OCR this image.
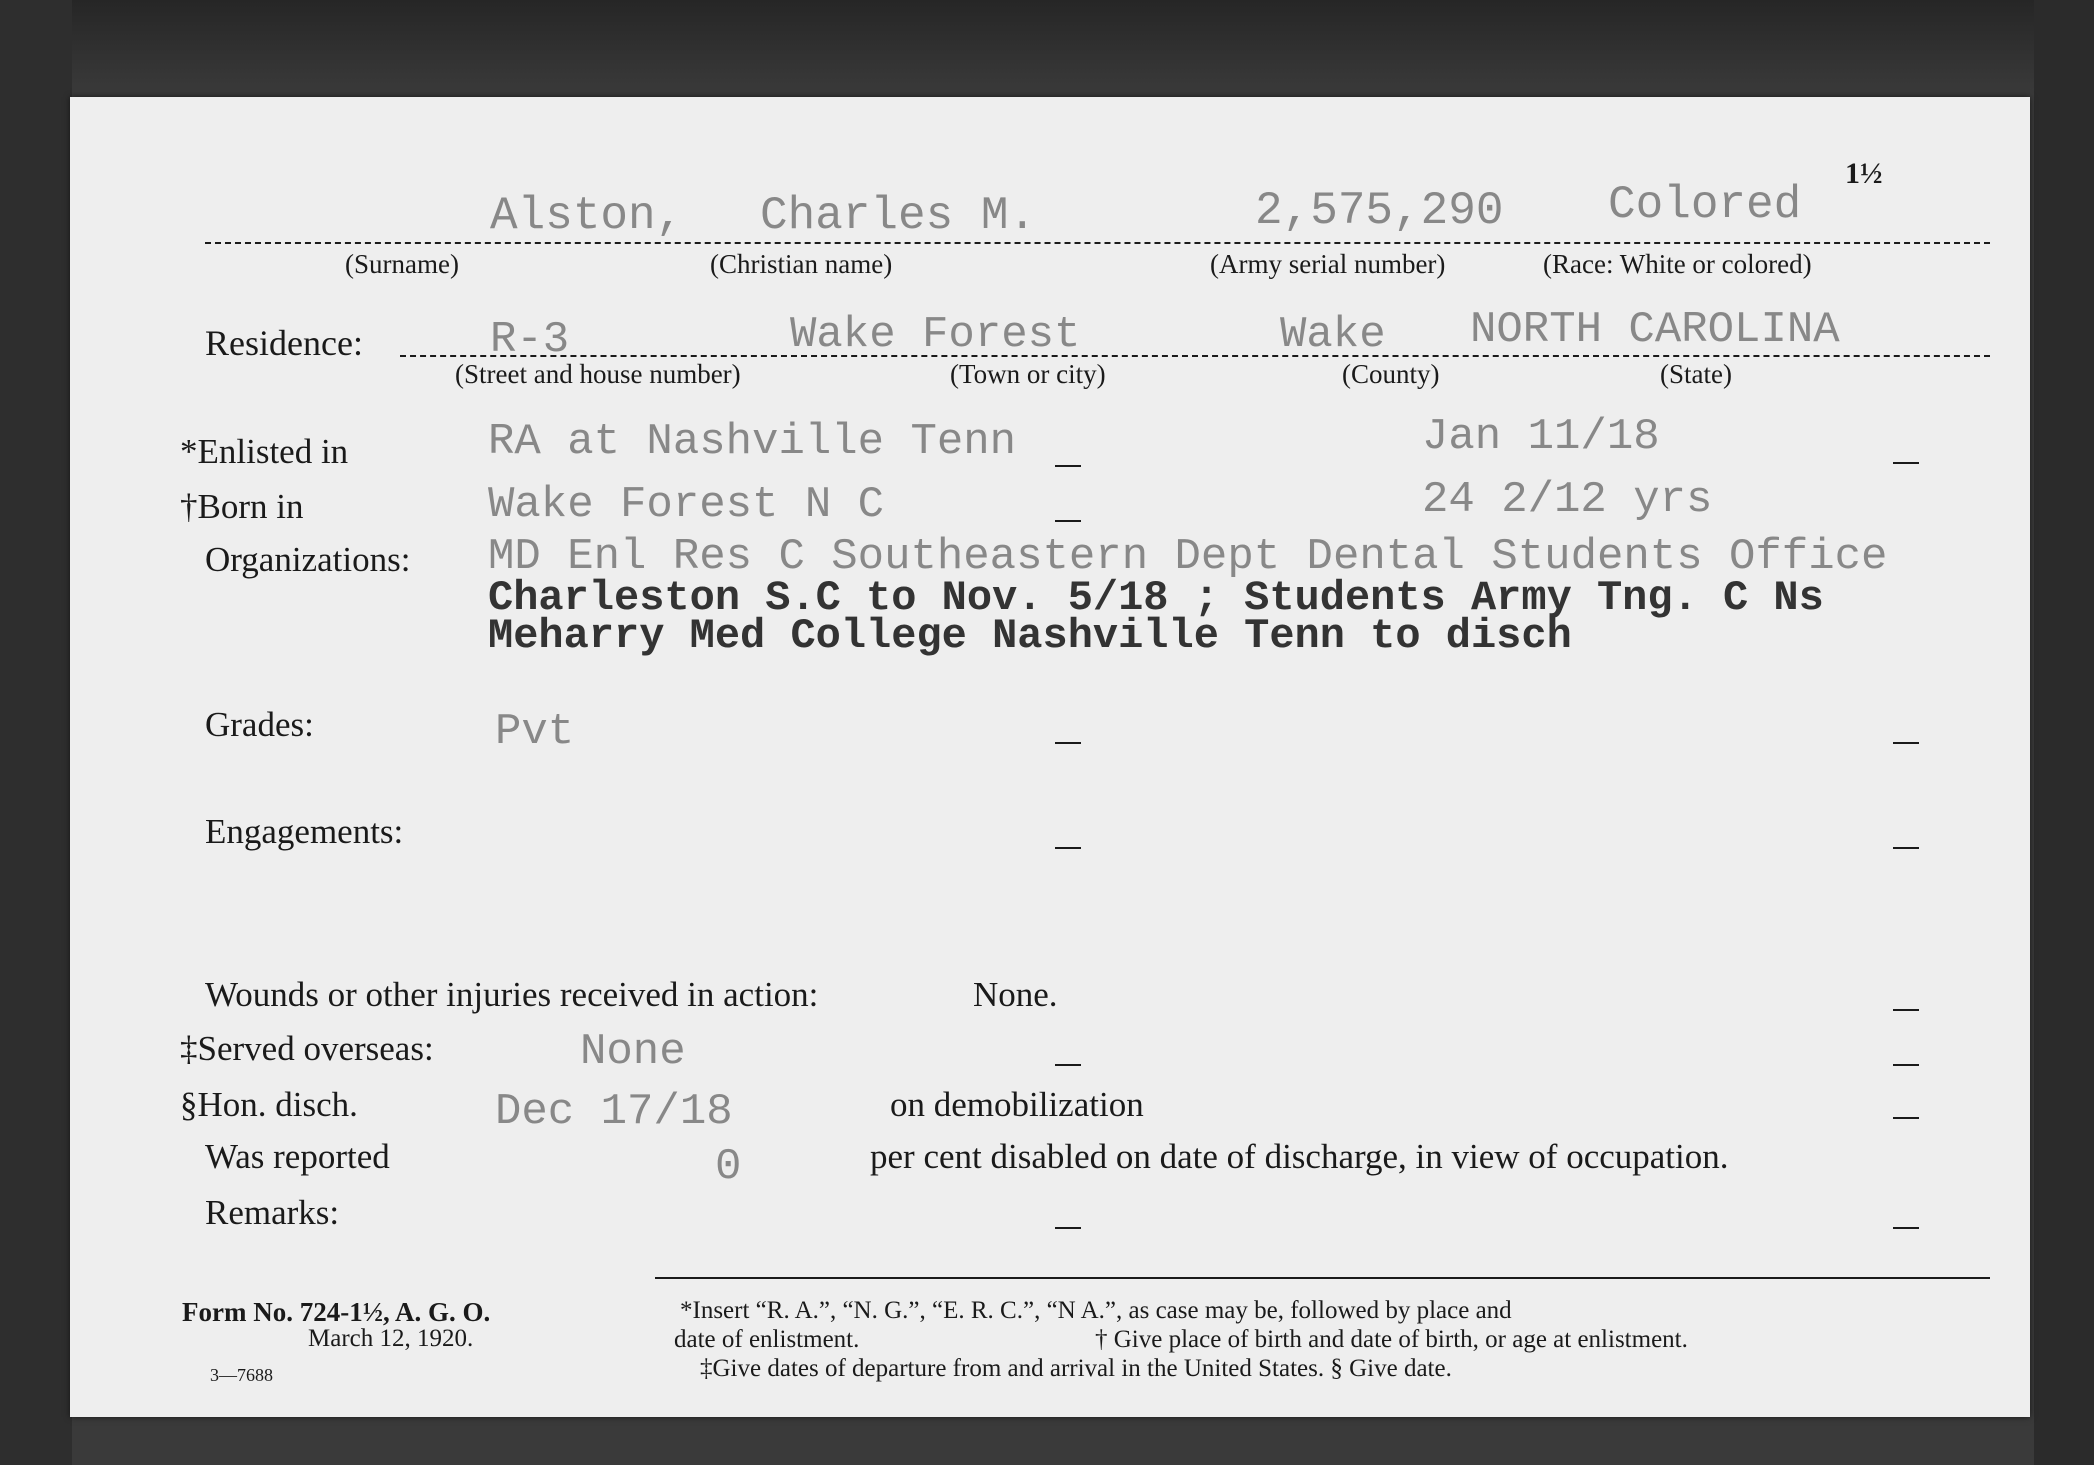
Alston, Charles M.	2,575,290 Colored
1½
(Surname)	(Christian name)	(Army serial number)	(Race: White or colored)
Residence:	R-3	Wake Forest	Wake NORTH CAROLINA
(Street and house number)	(Town or city)	(County)	(State)
*Enlisted in	RA at Nashville Tenn	Jan 11/18
†Born in	Wake Forest N C	24 2/12 yrs
Organizations: MD Enl Res C Southeastern Dept Dental Students Office
Charleston S.C to Nov. 5/18 ; Students Army Tng. C Ns
Meharry Med College Nashville Tenn to disch
Grades:	Pvt
Engagements:
Wounds or other injuries received in action:	None.
‡Served overseas:	None
§Hon. disch.	Dec 17/18	on demobilization
Was reported	0	per cent disabled on date of discharge, in view of occupation.
Remarks:
Form No. 724-1½, A. G. O.
March 12, 1920.
3—7688
*Insert “R. A.”, “N. G.”, “E. R. C.”, “N A.”, as case may be, followed by place and
date of enlistment.	† Give place of birth and date of birth, or age at enlistment.
‡Give dates of departure from and arrival in the United States. § Give date.
